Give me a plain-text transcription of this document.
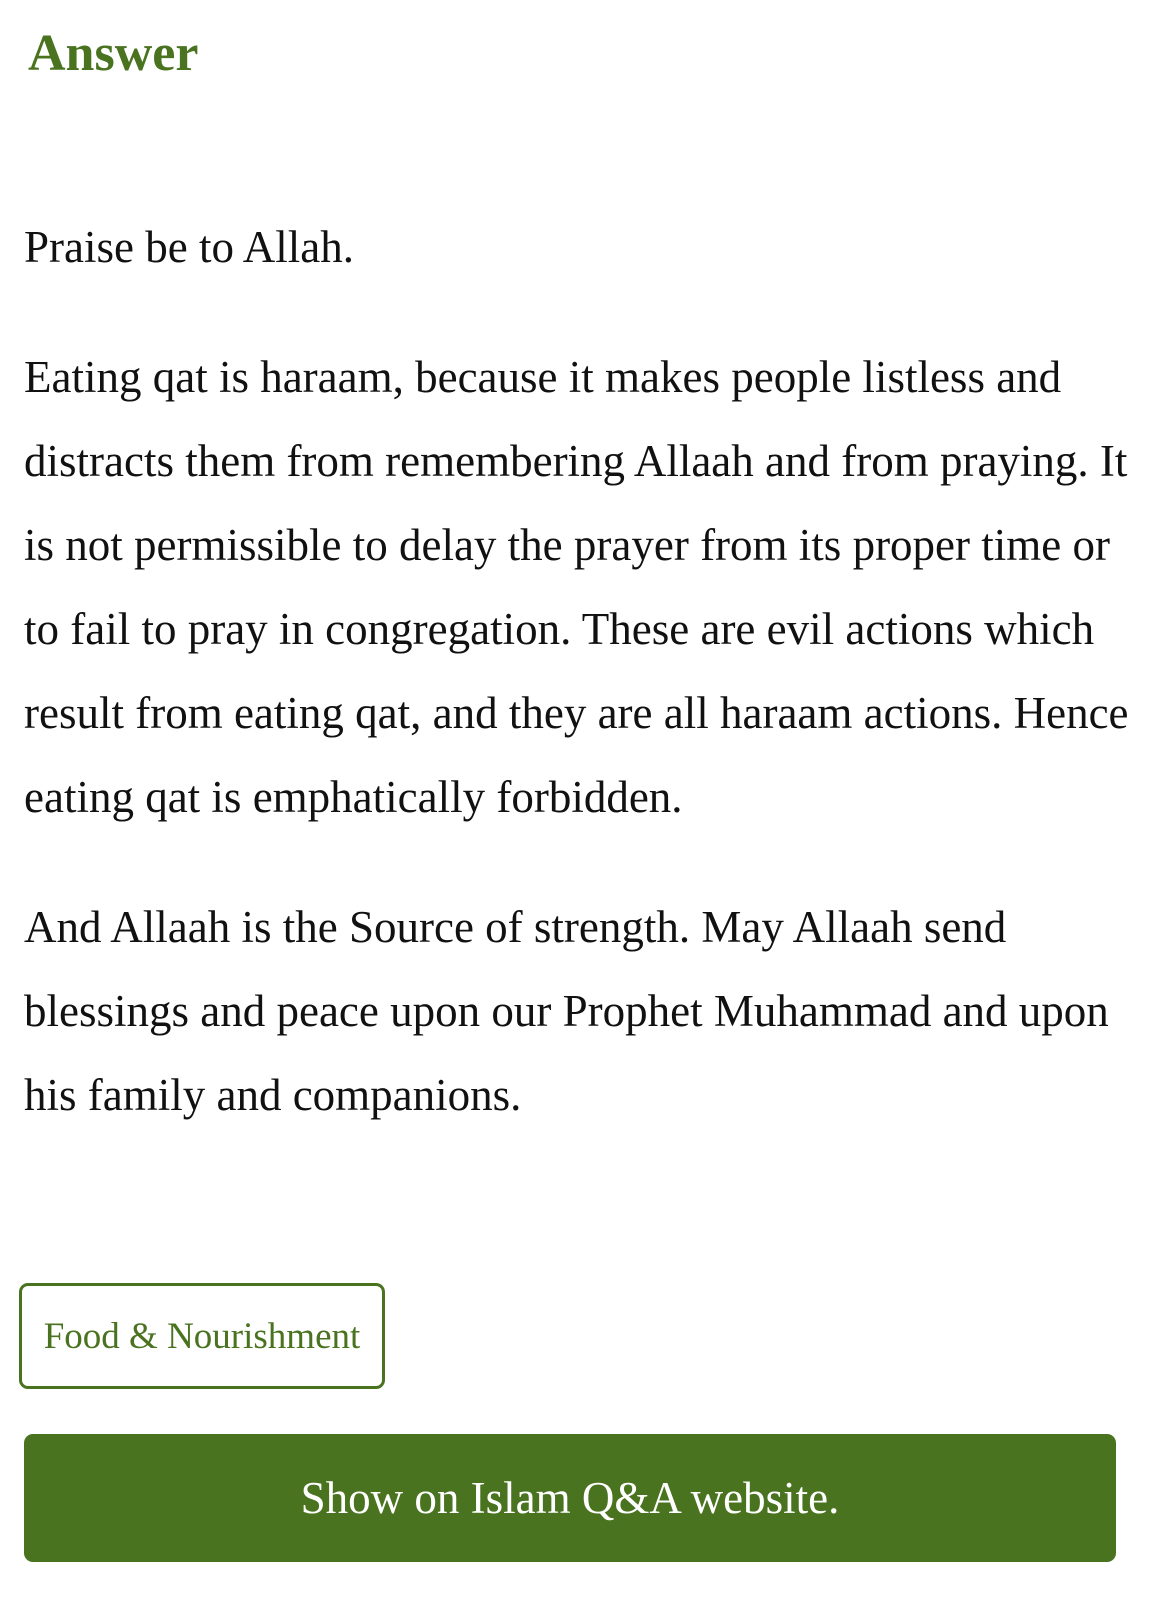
Answer

Praise be to Allah.

Eating qat is haraam, because it makes people listless and distracts them from remembering Allaah and from praying. It is not permissible to delay the prayer from its proper time or to fail to pray in congregation. These are evil actions which result from eating qat, and they are all haraam actions. Hence eating qat is emphatically forbidden.

And Allaah is the Source of strength. May Allaah send blessings and peace upon our Prophet Muhammad and upon his family and companions.

Food & Nourishment
Show on Islam Q&A website.
